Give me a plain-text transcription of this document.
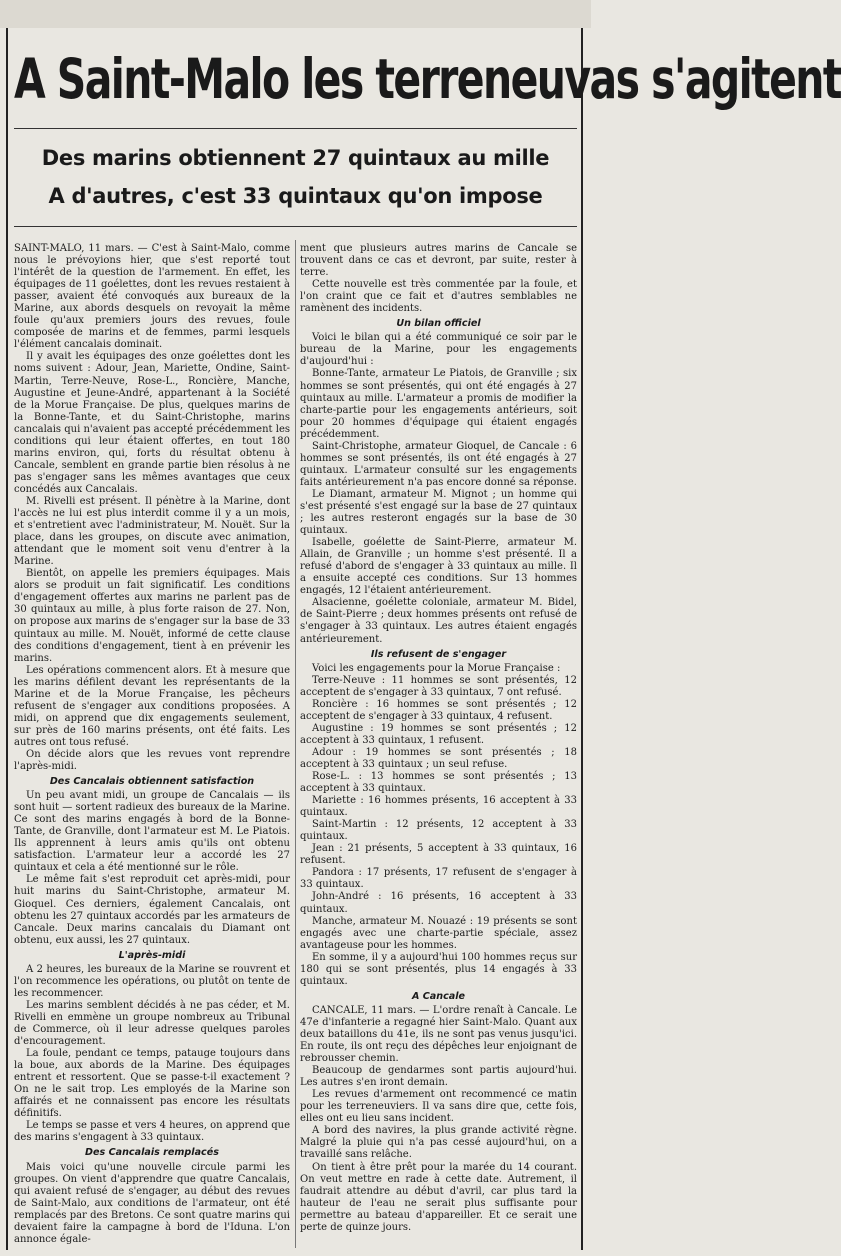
A Saint-Malo les terreneuvas s'agitent
Des marins obtiennent 27 quintaux au mille
A d'autres, c'est 33 quintaux qu'on impose

SAINT-MALO, 11 mars. — C'est à Saint-Malo, comme nous le prévoyions hier, que s'est reporté tout l'intérêt de la question de l'armement. En effet, les équipages de 11 goélettes, dont les revues restaient à passer, avaient été convoqués aux bureaux de la Marine, aux abords desquels on revoyait la même foule qu'aux premiers jours des revues, foule composée de marins et de femmes, parmi lesquels l'élément cancalais dominait.

Il y avait les équipages des onze goélettes dont les noms suivent : Adour, Jean, Mariette, Ondine, Saint-Martin, Terre-Neuve, Rose-L., Roncière, Manche, Augustine et Jeune-André, appartenant à la Société de la Morue Française. De plus, quelques marins de la Bonne-Tante, et du Saint-Christophe, marins cancalais qui n'avaient pas accepté précédemment les conditions qui leur étaient offertes, en tout 180 marins environ, qui, forts du résultat obtenu à Cancale, semblent en grande partie bien résolus à ne pas s'engager sans les mêmes avantages que ceux concédés aux Cancalais.

M. Rivelli est présent. Il pénètre à la Marine, dont l'accès ne lui est plus interdit comme il y a un mois, et s'entretient avec l'administrateur, M. Nouët. Sur la place, dans les groupes, on discute avec animation, attendant que le moment soit venu d'entrer à la Marine.

Bientôt, on appelle les premiers équipages. Mais alors se produit un fait significatif. Les conditions d'engagement offertes aux marins ne parlent pas de 30 quintaux au mille, à plus forte raison de 27. Non, on propose aux marins de s'engager sur la base de 33 quintaux au mille. M. Nouët, informé de cette clause des conditions d'engagement, tient à en prévenir les marins.

Les opérations commencent alors. Et à mesure que les marins défilent devant les représentants de la Marine et de la Morue Française, les pêcheurs refusent de s'engager aux conditions proposées. A midi, on apprend que dix engagements seulement, sur près de 160 marins présents, ont été faits. Les autres ont tous refusé.

On décide alors que les revues vont reprendre l'après-midi.

Des Cancalais obtiennent satisfaction

Un peu avant midi, un groupe de Cancalais — ils sont huit — sortent radieux des bureaux de la Marine. Ce sont des marins engagés à bord de la Bonne-Tante, de Granville, dont l'armateur est M. Le Piatois. Ils apprennent à leurs amis qu'ils ont obtenu satisfaction. L'armateur leur a accordé les 27 quintaux et cela a été mentionné sur le rôle.

Le même fait s'est reproduit cet après-midi, pour huit marins du Saint-Christophe, armateur M. Gioquel. Ces derniers, également Cancalais, ont obtenu les 27 quintaux accordés par les armateurs de Cancale. Deux marins cancalais du Diamant ont obtenu, eux aussi, les 27 quintaux.

L'après-midi

A 2 heures, les bureaux de la Marine se rouvrent et l'on recommence les opérations, ou plutôt on tente de les recommencer.

Les marins semblent décidés à ne pas céder, et M. Rivelli en emmène un groupe nombreux au Tribunal de Commerce, où il leur adresse quelques paroles d'encouragement.

La foule, pendant ce temps, patauge toujours dans la boue, aux abords de la Marine. Des équipages entrent et ressortent. Que se passe-t-il exactement ? On ne le sait trop. Les employés de la Marine son affairés et ne connaissent pas encore les résultats définitifs.

Le temps se passe et vers 4 heures, on apprend que des marins s'engagent à 33 quintaux.

Des Cancalais remplacés

Mais voici qu'une nouvelle circule parmi les groupes. On vient d'apprendre que quatre Cancalais, qui avaient refusé de s'engager, au début des revues de Saint-Malo, aux conditions de l'armateur, ont été remplacés par des Bretons. Ce sont quatre marins qui devaient faire la campagne à bord de l'Iduna. L'on annonce égale-

ment que plusieurs autres marins de Cancale se trouvent dans ce cas et devront, par suite, rester à terre.

Cette nouvelle est très commentée par la foule, et l'on craint que ce fait et d'autres semblables ne ramènent des incidents.

Un bilan officiel

Voici le bilan qui a été communiqué ce soir par le bureau de la Marine, pour les engagements d'aujourd'hui :

Bonne-Tante, armateur Le Piatois, de Granville ; six hommes se sont présentés, qui ont été engagés à 27 quintaux au mille. L'armateur a promis de modifier la charte-partie pour les engagements antérieurs, soit pour 20 hommes d'équipage qui étaient engagés précédemment.

Saint-Christophe, armateur Gioquel, de Cancale : 6 hommes se sont présentés, ils ont été engagés à 27 quintaux. L'armateur consulté sur les engagements faits antérieurement n'a pas encore donné sa réponse.

Le Diamant, armateur M. Mignot ; un homme qui s'est présenté s'est engagé sur la base de 27 quintaux ; les autres resteront engagés sur la base de 30 quintaux.

Isabelle, goélette de Saint-Pierre, armateur M. Allain, de Granville ; un homme s'est présenté. Il a refusé d'abord de s'engager à 33 quintaux au mille. Il a ensuite accepté ces conditions. Sur 13 hommes engagés, 12 l'étaient antérieurement.

Alsacienne, goélette coloniale, armateur M. Bidel, de Saint-Pierre ; deux hommes présents ont refusé de s'engager à 33 quintaux. Les autres étaient engagés antérieurement.

Ils refusent de s'engager

Voici les engagements pour la Morue Française :

Terre-Neuve : 11 hommes se sont présentés, 12 acceptent de s'engager à 33 quintaux, 7 ont refusé.

Roncière : 16 hommes se sont présentés ; 12 acceptent de s'engager à 33 quintaux, 4 refusent.

Augustine : 19 hommes se sont présentés ; 12 acceptent à 33 quintaux, 1 refusent.

Adour : 19 hommes se sont présentés ; 18 acceptent à 33 quintaux ; un seul refuse.

Rose-L. : 13 hommes se sont présentés ; 13 acceptent à 33 quintaux.

Mariette : 16 hommes présents, 16 acceptent à 33 quintaux.

Saint-Martin : 12 présents, 12 acceptent à 33 quintaux.

Jean : 21 présents, 5 acceptent à 33 quintaux, 16 refusent.

Pandora : 17 présents, 17 refusent de s'engager à 33 quintaux.

John-André : 16 présents, 16 acceptent à 33 quintaux.

Manche, armateur M. Nouazé : 19 présents se sont engagés avec une charte-partie spéciale, assez avantageuse pour les hommes.

En somme, il y a aujourd'hui 100 hommes reçus sur 180 qui se sont présentés, plus 14 engagés à 33 quintaux.

A Cancale

CANCALE, 11 mars. — L'ordre renaît à Cancale. Le 47e d'infanterie a regagné hier Saint-Malo. Quant aux deux bataillons du 41e, ils ne sont pas venus jusqu'ici. En route, ils ont reçu des dépêches leur enjoignant de rebrousser chemin.

Beaucoup de gendarmes sont partis aujourd'hui. Les autres s'en iront demain.

Les revues d'armement ont recommencé ce matin pour les terreneuviers. Il va sans dire que, cette fois, elles ont eu lieu sans incident.

A bord des navires, la plus grande activité règne. Malgré la pluie qui n'a pas cessé aujourd'hui, on a travaillé sans relâche.

On tient à être prêt pour la marée du 14 courant. On veut mettre en rade à cette date. Autrement, il faudrait attendre au début d'avril, car plus tard la hauteur de l'eau ne serait plus suffisante pour permettre au bateau d'appareiller. Et ce serait une perte de quinze jours.
